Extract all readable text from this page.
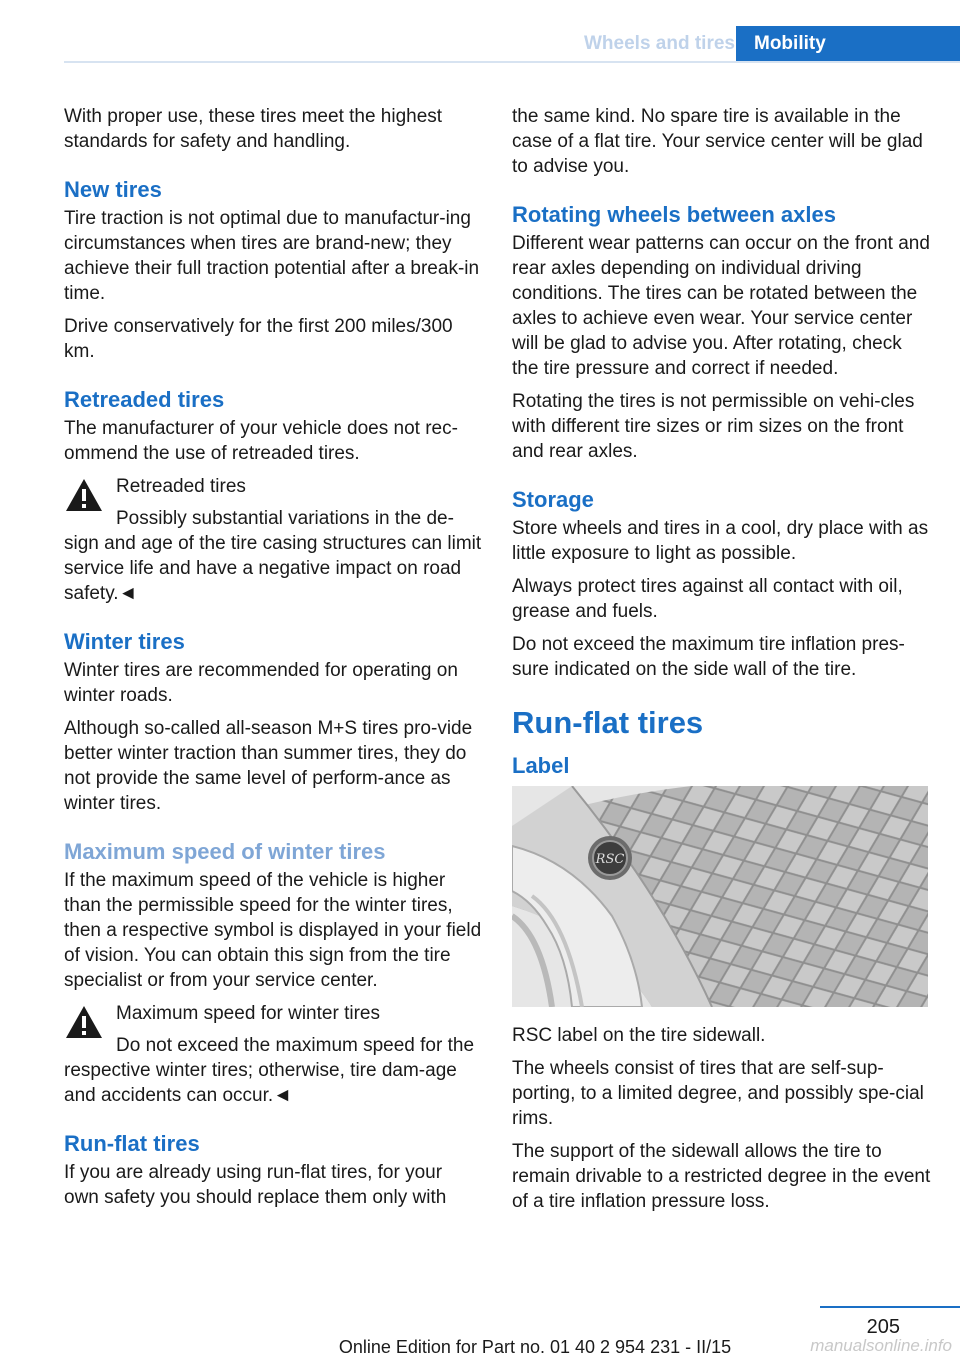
Wheels and tires	Mobility

With proper use, these tires meet the highest standards for safety and handling.

New tires

Tire traction is not optimal due to manufactur-ing circumstances when tires are brand-new; they achieve their full traction potential after a break-in time.

Drive conservatively for the first 200 miles/300 km.

Retreaded tires

The manufacturer of your vehicle does not rec-ommend the use of retreaded tires.

Retreaded tires

Possibly substantial variations in the de-sign and age of the tire casing structures can limit service life and have a negative impact on road safety.◄

Winter tires

Winter tires are recommended for operating on winter roads.

Although so-called all-season M+S tires pro-vide better winter traction than summer tires, they do not provide the same level of perform-ance as winter tires.

Maximum speed of winter tires

If the maximum speed of the vehicle is higher than the permissible speed for the winter tires, then a respective symbol is displayed in your field of vision. You can obtain this sign from the tire specialist or from your service center.

Maximum speed for winter tires

Do not exceed the maximum speed for the respective winter tires; otherwise, tire dam-age and accidents can occur.◄

Run-flat tires

If you are already using run-flat tires, for your own safety you should replace them only with

the same kind. No spare tire is available in the case of a flat tire. Your service center will be glad to advise you.

Rotating wheels between axles

Different wear patterns can occur on the front and rear axles depending on individual driving conditions. The tires can be rotated between the axles to achieve even wear. Your service center will be glad to advise you. After rotating, check the tire pressure and correct if needed.

Rotating the tires is not permissible on vehi-cles with different tire sizes or rim sizes on the front and rear axles.

Storage

Store wheels and tires in a cool, dry place with as little exposure to light as possible.

Always protect tires against all contact with oil, grease and fuels.

Do not exceed the maximum tire inflation pres-sure indicated on the side wall of the tire.

Run-flat tires
Label
RSC

RSC label on the tire sidewall.

The wheels consist of tires that are self-sup-porting, to a limited degree, and possibly spe-cial rims.

The support of the sidewall allows the tire to remain drivable to a restricted degree in the event of a tire inflation pressure loss.

205
Online Edition for Part no. 01 40 2 954 231 - II/15	manualsonline.info
